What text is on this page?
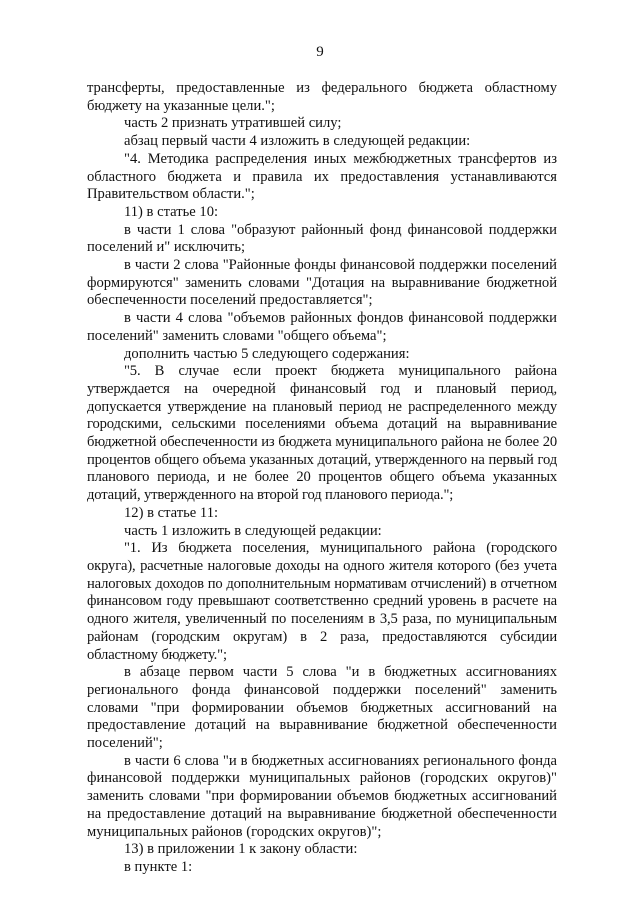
9

трансферты, предоставленные из федерального бюджета областному бюджету на указанные цели.";

часть 2 признать утратившей силу;

абзац первый части 4 изложить в следующей редакции:

"4. Методика распределения иных межбюджетных трансфертов из областного бюджета и правила их предоставления устанавливаются Правительством области.";

11) в статье 10:

в части 1 слова "образуют районный фонд финансовой поддержки поселений и" исключить;

в части 2 слова "Районные фонды финансовой поддержки поселений формируются" заменить словами "Дотация на выравнивание бюджетной обеспеченности поселений предоставляется";

в части 4 слова "объемов районных фондов финансовой поддержки поселений" заменить словами "общего объема";

дополнить частью 5 следующего содержания:

"5. В случае если проект бюджета муниципального района утверждается на очередной финансовый год и плановый период, допускается утверждение на плановый период не распределенного между городскими, сельскими поселениями объема дотаций на выравнивание бюджетной обеспеченности из бюджета муниципального района не более 20 процентов общего объема указанных дотаций, утвержденного на первый год планового периода, и не более 20 процентов общего объема указанных дотаций, утвержденного на второй год планового периода.";

12) в статье 11:

часть 1 изложить в следующей редакции:

"1. Из бюджета поселения, муниципального района (городского округа), расчетные налоговые доходы на одного жителя которого (без учета налоговых доходов по дополнительным нормативам отчислений) в отчетном финансовом году превышают соответственно средний уровень в расчете на одного жителя, увеличенный по поселениям в 3,5 раза, по муниципальным районам (городским округам) в 2 раза, предоставляются субсидии областному бюджету.";

в абзаце первом части 5 слова "и в бюджетных ассигнованиях регионального фонда финансовой поддержки поселений" заменить словами "при формировании объемов бюджетных ассигнований на предоставление дотаций на выравнивание бюджетной обеспеченности поселений";

в части 6 слова "и в бюджетных ассигнованиях регионального фонда финансовой поддержки муниципальных районов (городских округов)" заменить словами "при формировании объемов бюджетных ассигнований на предоставление дотаций на выравнивание бюджетной обеспеченности муниципальных районов (городских округов)";

13) в приложении 1 к закону области:

в пункте 1:
